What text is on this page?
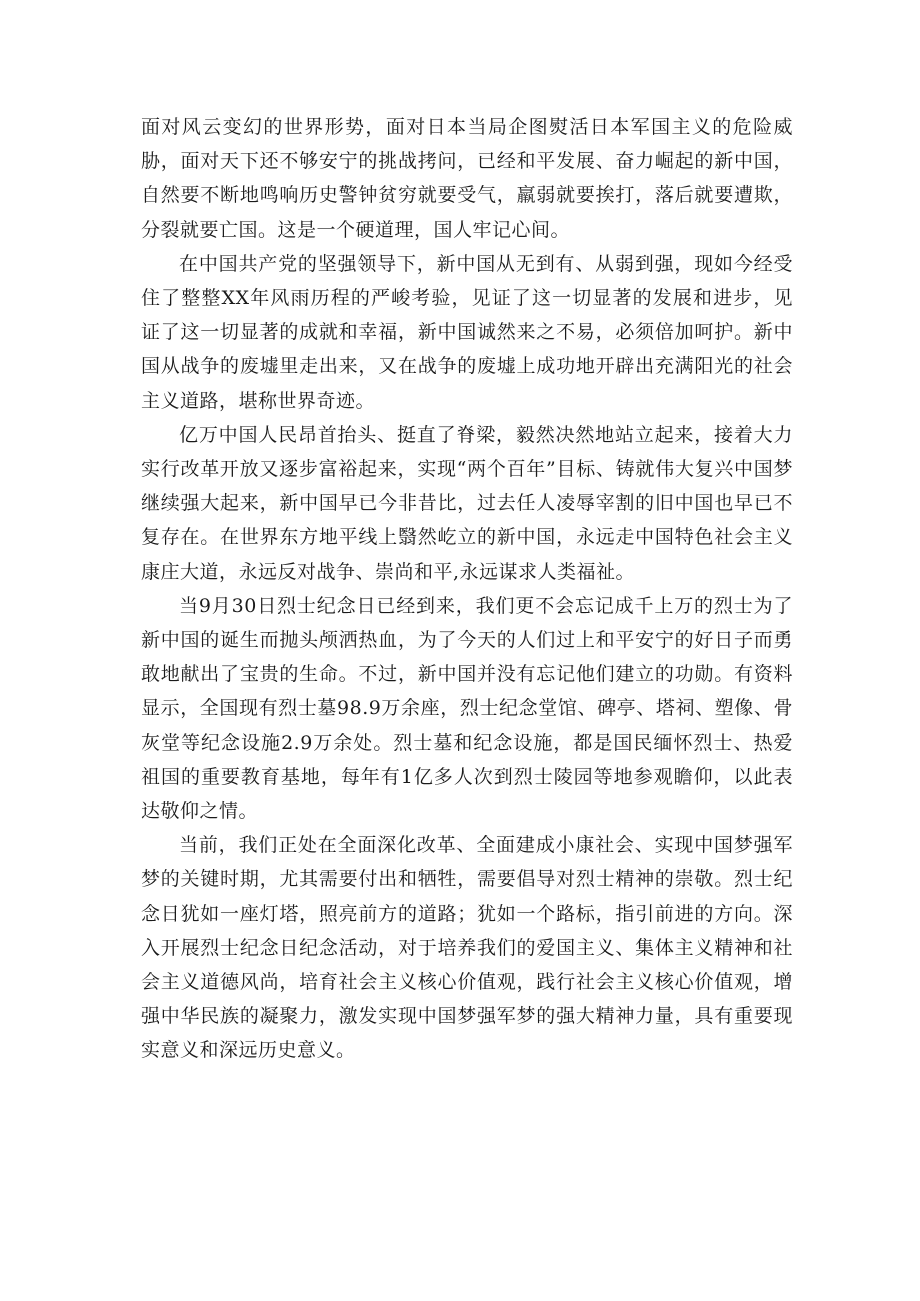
面对风云变幻的世界形势，面对日本当局企图熨活日本军国主义的危险威胁，面对天下还不够安宁的挑战拷问，已经和平发展、奋力崛起的新中国，自然要不断地鸣响历史警钟贫穷就要受气，羸弱就要挨打，落后就要遭欺，分裂就要亡国。这是一个硬道理，国人牢记心间。

在中国共产党的坚强领导下，新中国从无到有、从弱到强，现如今经受住了整整XX年风雨历程的严峻考验，见证了这一切显著的发展和进步，见证了这一切显著的成就和幸福，新中国诚然来之不易，必须倍加呵护。新中国从战争的废墟里走出来，又在战争的废墟上成功地开辟出充满阳光的社会主义道路，堪称世界奇迹。

亿万中国人民昂首抬头、挺直了脊梁，毅然决然地站立起来，接着大力实行改革开放又逐步富裕起来，实现“两个百年”目标、铸就伟大复兴中国梦继续强大起来，新中国早已今非昔比，过去任人凌辱宰割的旧中国也早已不复存在。在世界东方地平线上翳然屹立的新中国，永远走中国特色社会主义康庄大道，永远反对战争、崇尚和平,永远谋求人类福祉。

当9月30日烈士纪念日已经到来，我们更不会忘记成千上万的烈士为了新中国的诞生而抛头颅洒热血，为了今天的人们过上和平安宁的好日子而勇敢地献出了宝贵的生命。不过，新中国并没有忘记他们建立的功勋。有资料显示，全国现有烈士墓98.9万余座，烈士纪念堂馆、碑亭、塔祠、塑像、骨灰堂等纪念设施2.9万余处。烈士墓和纪念设施，都是国民缅怀烈士、热爱祖国的重要教育基地，每年有1亿多人次到烈士陵园等地参观瞻仰，以此表达敬仰之情。

当前，我们正处在全面深化改革、全面建成小康社会、实现中国梦强军梦的关键时期，尤其需要付出和牺牲，需要倡导对烈士精神的崇敬。烈士纪念日犹如一座灯塔，照亮前方的道路；犹如一个路标，指引前进的方向。深入开展烈士纪念日纪念活动，对于培养我们的爱国主义、集体主义精神和社会主义道德风尚，培育社会主义核心价值观，践行社会主义核心价值观，增强中华民族的凝聚力，激发实现中国梦强军梦的强大精神力量，具有重要现实意义和深远历史意义。
